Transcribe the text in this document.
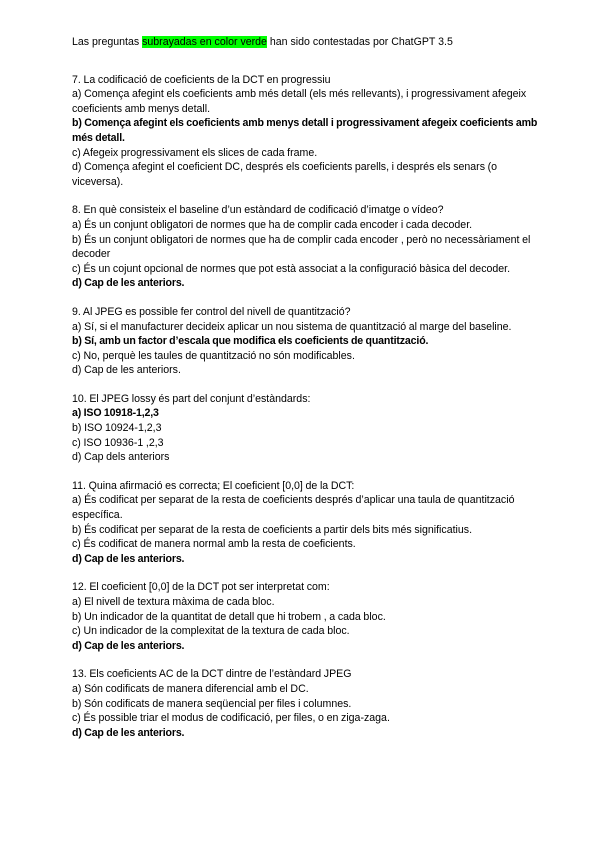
Las preguntas subrayadas en color verde han sido contestadas por ChatGPT 3.5

7. La codificació de coeficients de la DCT en progressiu

a) Comença afegint els coeficients amb més detall (els més rellevants), i progressivament afegeix coeficients amb menys detall.

b) Comença afegint els coeficients amb menys detall i progressivament afegeix coeficients amb més detall.

c) Afegeix progressivament els slices de cada frame.

d) Comença afegint el coeficient DC, després els coeficients parells, i després els senars (o viceversa).

8. En què consisteix el baseline d’un estàndard de codificació d’imatge o vídeo?

a) És un conjunt obligatori de normes que ha de complir cada encoder i cada decoder.

b) És un conjunt obligatori de normes que ha de complir cada encoder , però no necessàriament el decoder

c) És un cojunt opcional de normes que pot està associat a la configuració bàsica del decoder.

d) Cap de les anteriors.

9. Al JPEG es possible fer control del nivell de quantització?

a) Sí, si el manufacturer decideix aplicar un nou sistema de quantització al marge del baseline.

b) Sí, amb un factor d’escala que modifica els coeficients de quantització.

c) No, perquè les taules de quantització no són modificables.

d) Cap de les anteriors.

10. El JPEG lossy és part del conjunt d’estàndards:

a) ISO 10918-1,2,3

b) ISO 10924-1,2,3

c) ISO 10936-1 ,2,3

d) Cap dels anteriors

11. Quina afirmació es correcta; El coeficient [0,0] de la DCT:

a) És codificat per separat de la resta de coeficients després d’aplicar una taula de quantització específica.

b) És codificat per separat de la resta de coeficients a partir dels bits més significatius.

c) És codificat de manera normal amb la resta de coeficients.

d) Cap de les anteriors.

12. El coeficient [0,0] de la DCT pot ser interpretat com:

a) El nivell de textura màxima de cada bloc.

b) Un indicador de la quantitat de detall que hi trobem , a cada bloc.

c) Un indicador de la complexitat de la textura de cada bloc.

d) Cap de les anteriors.

13. Els coeficients AC de la DCT dintre de l’estàndard JPEG

a) Són codificats de manera diferencial amb el DC.

b) Són codificats de manera seqüencial per files i columnes.

c) És possible triar el modus de codificació, per files, o en ziga-zaga.

d) Cap de les anteriors.
